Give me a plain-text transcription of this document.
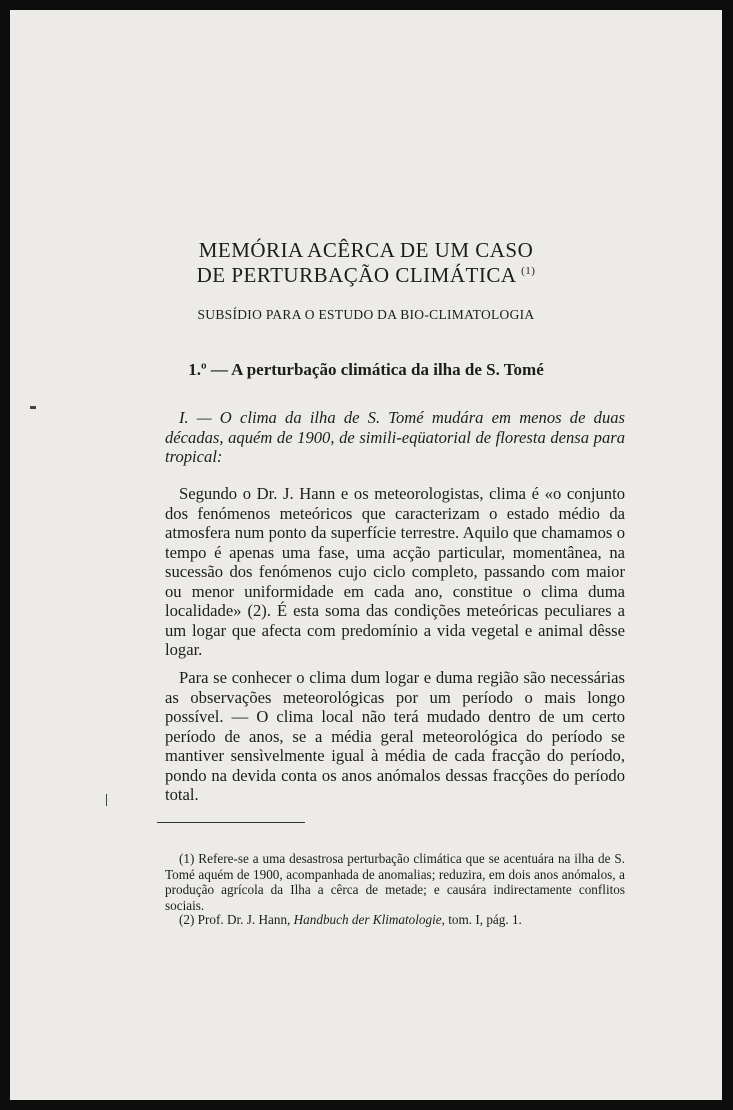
MEMÓRIA ACÊRCA DE UM CASO
DE PERTURBAÇÃO CLIMÁTICA $^{(1)}$
SUBSÍDIO PARA O ESTUDO DA BIO-CLIMATOLOGIA
1.º — A perturbação climática da ilha de S. Tomé
I. — O clima da ilha de S. Tomé mudára em menos de duas décadas, aquém de 1900, de simili-eqüatorial de floresta densa para tropical:
Segundo o Dr. J. Hann e os meteorologistas, clima é «o conjunto dos fenómenos meteóricos que caracterizam o estado médio da atmosfera num ponto da superfície terrestre. Aquilo que chamamos o tempo é apenas uma fase, uma acção particular, momentânea, na sucessão dos fenómenos cujo ciclo completo, passando com maior ou menor uniformidade em cada ano, constitue o clima duma localidade» (2). É esta soma das condições meteóricas peculiares a um logar que afecta com predomínio a vida vegetal e animal dêsse logar.
Para se conhecer o clima dum logar e duma região são necessárias as observações meteorológicas por um período o mais longo possível. — O clima local não terá mudado dentro de um certo período de anos, se a média geral meteorológica do período se mantiver sensìvelmente igual à média de cada fracção do período, pondo na devida conta os anos anómalos dessas fracções do período total.
(1) Refere-se a uma desastrosa perturbação climática que se acentuára na ilha de S. Tomé aquém de 1900, acompanhada de anomalias; reduzira, em dois anos anómalos, a produção agrícola da Ilha a cêrca de metade; e causára indirectamente conflitos sociais.
(2) Prof. Dr. J. Hann, Handbuch der Klimatologie, tom. I, pág. 1.
